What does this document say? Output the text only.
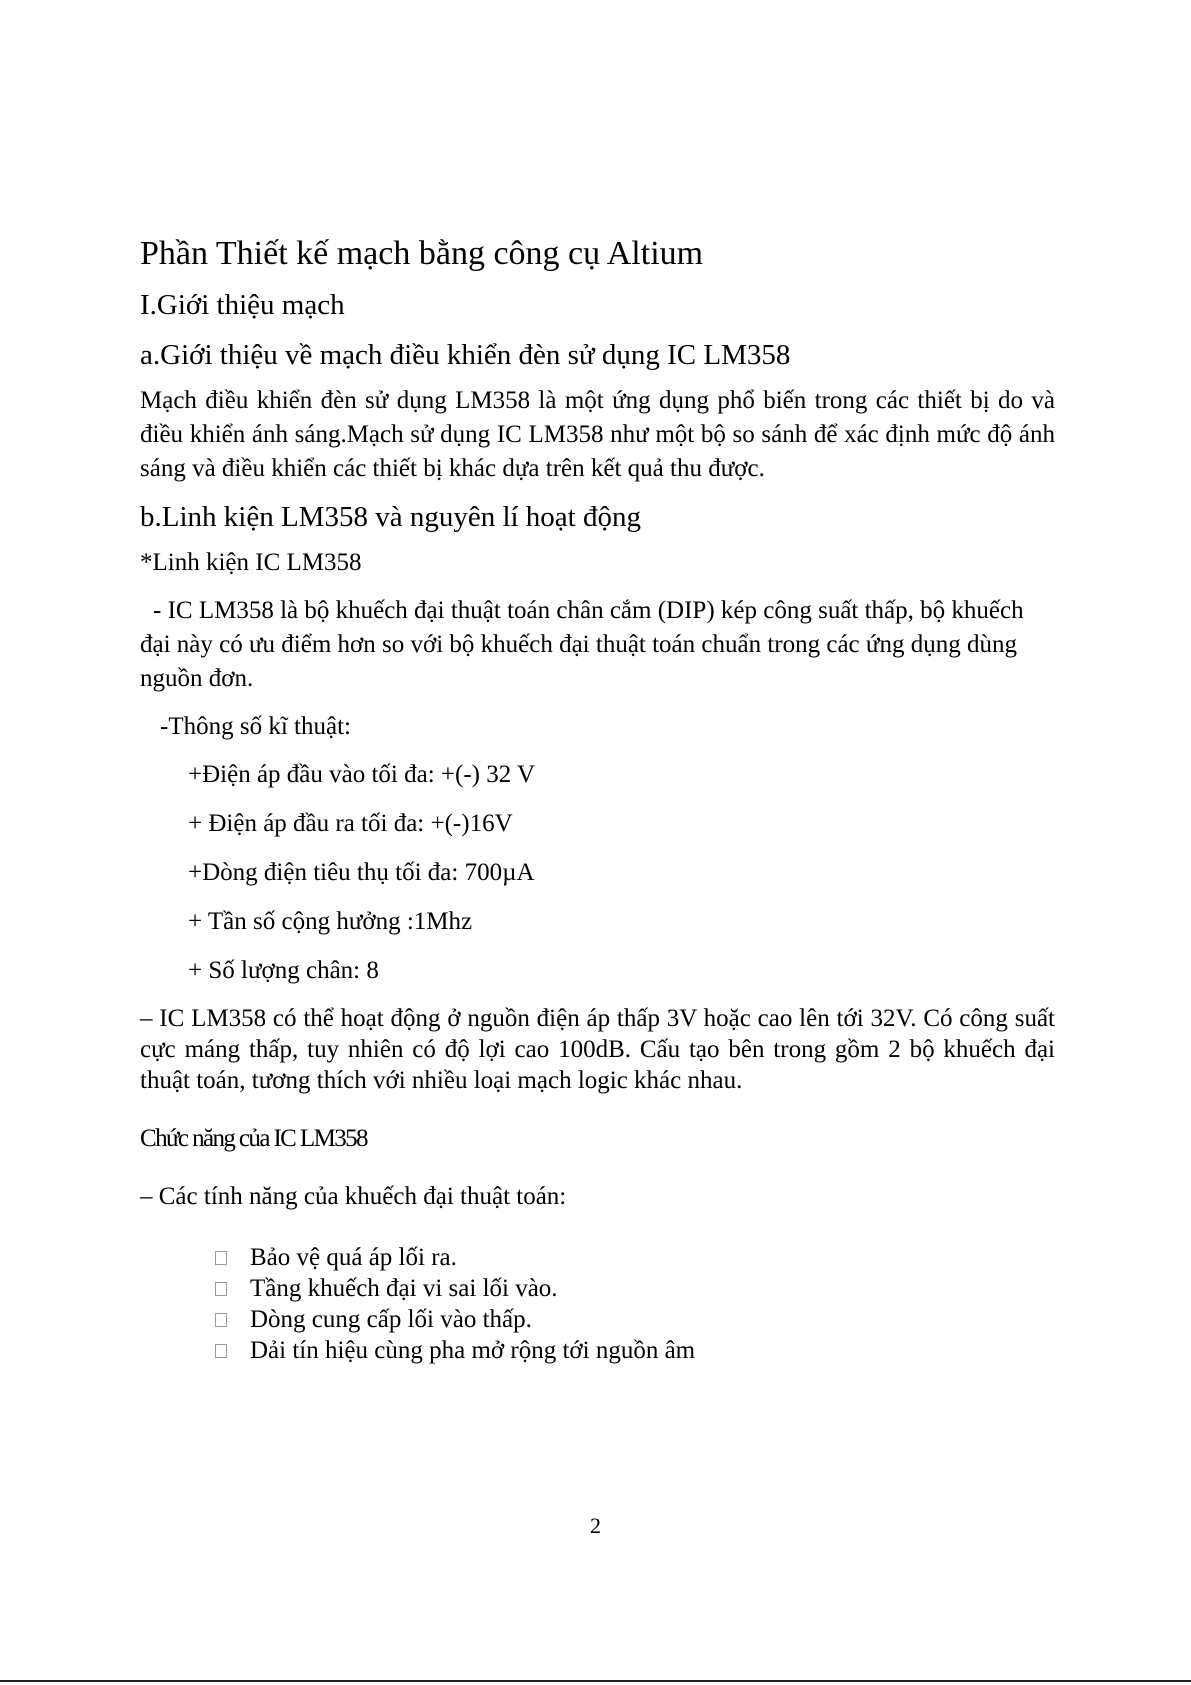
Phần Thiết kế mạch bằng công cụ Altium
I.Giới thiệu mạch
a.Giới thiệu về mạch điều khiển đèn sử dụng IC LM358
Mạch điều khiển đèn sử dụng LM358 là một ứng dụng phổ biến trong các thiết bị do và điều khiển ánh sáng.Mạch sử dụng IC LM358 như một bộ so sánh để xác định mức độ ánh sáng và điều khiển các thiết bị khác dựa trên kết quả thu được.
b.Linh kiện LM358 và nguyên lí hoạt động
*Linh kiện IC LM358
- IC LM358 là bộ khuếch đại thuật toán chân cắm (DIP) kép công suất thấp, bộ khuếch đại này có ưu điểm hơn so với bộ khuếch đại thuật toán chuẩn trong các ứng dụng dùng nguồn đơn.
-Thông số kĩ thuật:
+Điện áp đầu vào tối đa: +(-) 32 V
+ Điện áp đầu ra tối đa: +(-)16V
+Dòng điện tiêu thụ tối đa: 700µA
+ Tần số cộng hưởng :1Mhz
+ Số lượng chân: 8
– IC LM358 có thể hoạt động ở nguồn điện áp thấp 3V hoặc cao lên tới 32V. Có công suất cực máng thấp, tuy nhiên có độ lợi cao 100dB. Cấu tạo bên trong gồm 2 bộ khuếch đại thuật toán, tương thích với nhiều loại mạch logic khác nhau.
Chức năng của IC LM358
– Các tính năng của khuếch đại thuật toán:
Bảo vệ quá áp lối ra.
Tầng khuếch đại vi sai lối vào.
Dòng cung cấp lối vào thấp.
Dải tín hiệu cùng pha mở rộng tới nguồn âm
2
